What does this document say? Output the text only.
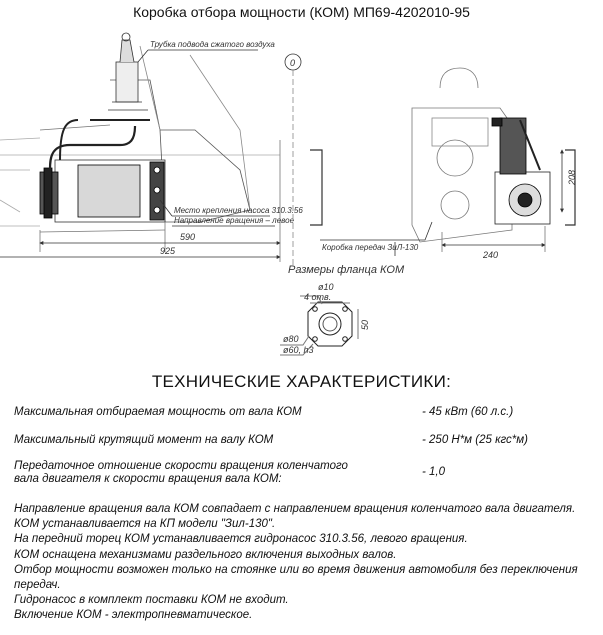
Коробка отбора мощности (КОМ) МП69-4202010-95
Трубка подвода сжатого воздуха
Место крепления насоса 310.3.56
Направление вращения – левое
590
925
0
208
240
Коробка передач ЗиЛ-130
Размеры фланца КОМ
ø10
4 отв.
50
ø80
ø60, h3
ТЕХНИЧЕСКИЕ ХАРАКТЕРИСТИКИ:
Максимальная отбираемая мощность от вала КОМ	- 45 кВт (60 л.с.)
Максимальный крутящий момент на валу КОМ	- 250 Н*м (25 кгс*м)
Передаточное отношение скорости вращения коленчатого вала двигателя к скорости вращения вала КОМ:
- 1,0
Направление вращения вала КОМ совпадает с направлением вращения коленчатого вала двигателя.
КОМ устанавливается на КП модели "Зил-130".
На передний торец КОМ устанавливается гидронасос 310.3.56, левого вращения.
КОМ оснащена механизмами раздельного включения выходных валов.
Отбор мощности возможен только на стоянке или во время движения автомобиля без переключения передач.
Гидронасос в комплект поставки КОМ не входит.
Включение КОМ - электропневматическое.
